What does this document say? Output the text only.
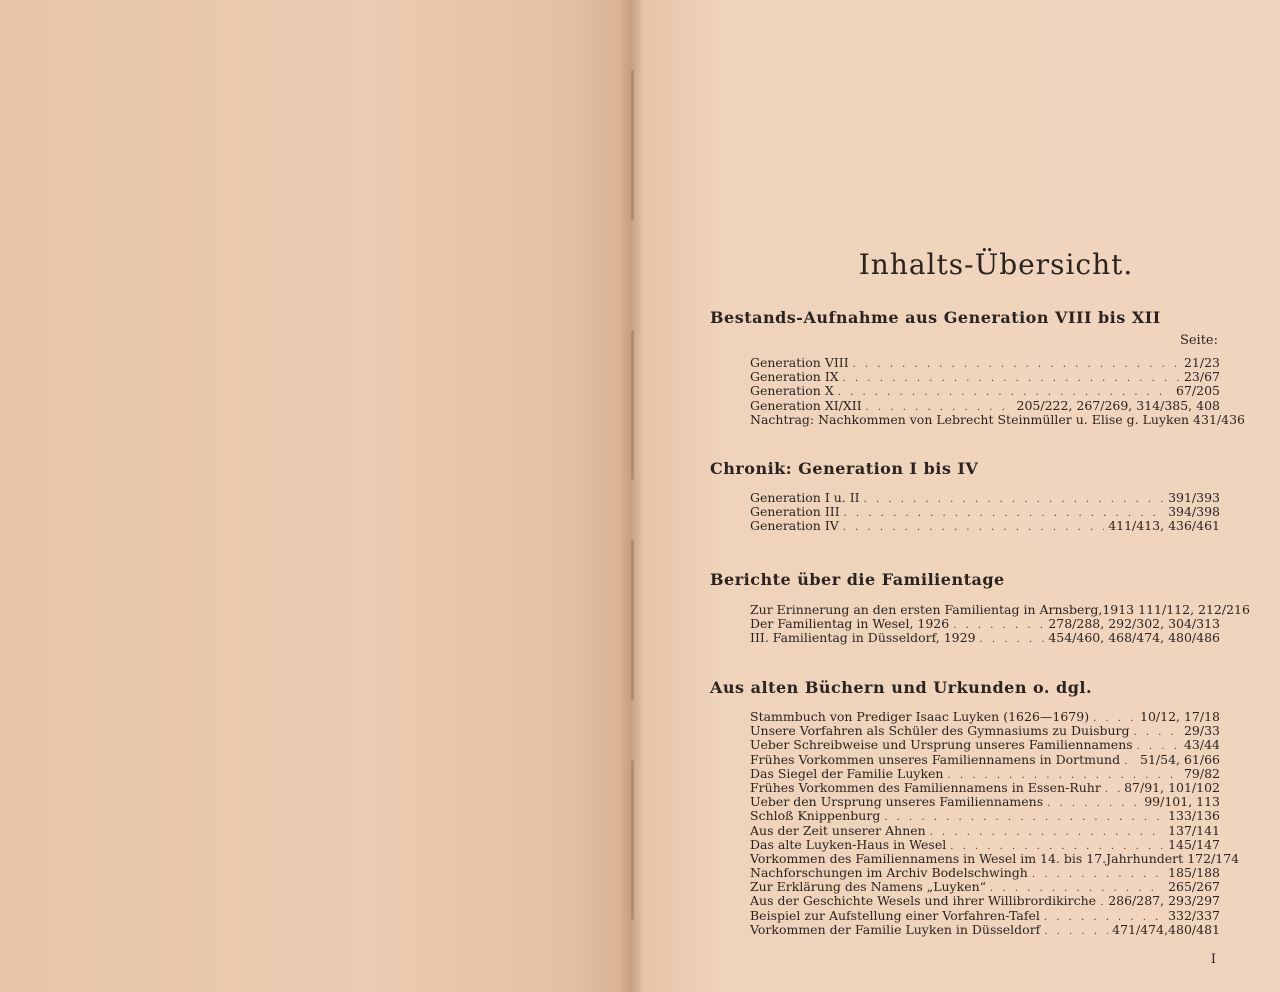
Inhalts-Übersicht.
Bestands-Aufnahme aus Generation VIII bis XII
Seite:
Generation VIII . . .	21/23
Generation IX . . .	23/67
Generation X . . .	67/205
Generation XI/XII . . .	205/222, 267/269, 314/385, 408
Nachtrag: Nachkommen von Lebrecht Steinmüller u. Elise g. Luyken 431/436
Chronik: Generation I bis IV
Generation I u. II . . .	391/393
Generation III . . .	394/398
Generation IV . . .	411/413, 436/461
Berichte über die Familientage
Zur Erinnerung an den ersten Familientag in Arnsberg,1913 111/112, 212/216
Der Familientag in Wesel, 1926 . . .	278/288, 292/302, 304/313
III. Familientag in Düsseldorf, 1929 . . .	454/460, 468/474, 480/486
Aus alten Büchern und Urkunden o. dgl.
Stammbuch von Prediger Isaac Luyken (1626—1679) . . .	10/12, 17/18
Unsere Vorfahren als Schüler des Gymnasiums zu Duisburg . . .	29/33
Ueber Schreibweise und Ursprung unseres Familiennamens . . .	43/44
Frühes Vorkommen unseres Familiennamens in Dortmund . . . 51/54, 61/66
Das Siegel der Familie Luyken . . .	79/82
Frühes Vorkommen des Familiennamens in Essen-Ruhr . . . 87/91, 101/102
Ueber den Ursprung unseres Familiennamens . . .	99/101, 113
Schloß Knippenburg . . .	133/136
Aus der Zeit unserer Ahnen . . .	137/141
Das alte Luyken-Haus in Wesel . . .	145/147
Vorkommen des Familiennamens in Wesel im 14. bis 17.Jahrhundert 172/174
Nachforschungen im Archiv Bodelschwingh . . .	185/188
Zur Erklärung des Namens „Luyken“ . . .	265/267
Aus der Geschichte Wesels und ihrer Willibrordikirche . . . 286/287, 293/297
Beispiel zur Aufstellung einer Vorfahren-Tafel . . .	332/337
Vorkommen der Familie Luyken in Düsseldorf . . .	471/474,480/481
I
